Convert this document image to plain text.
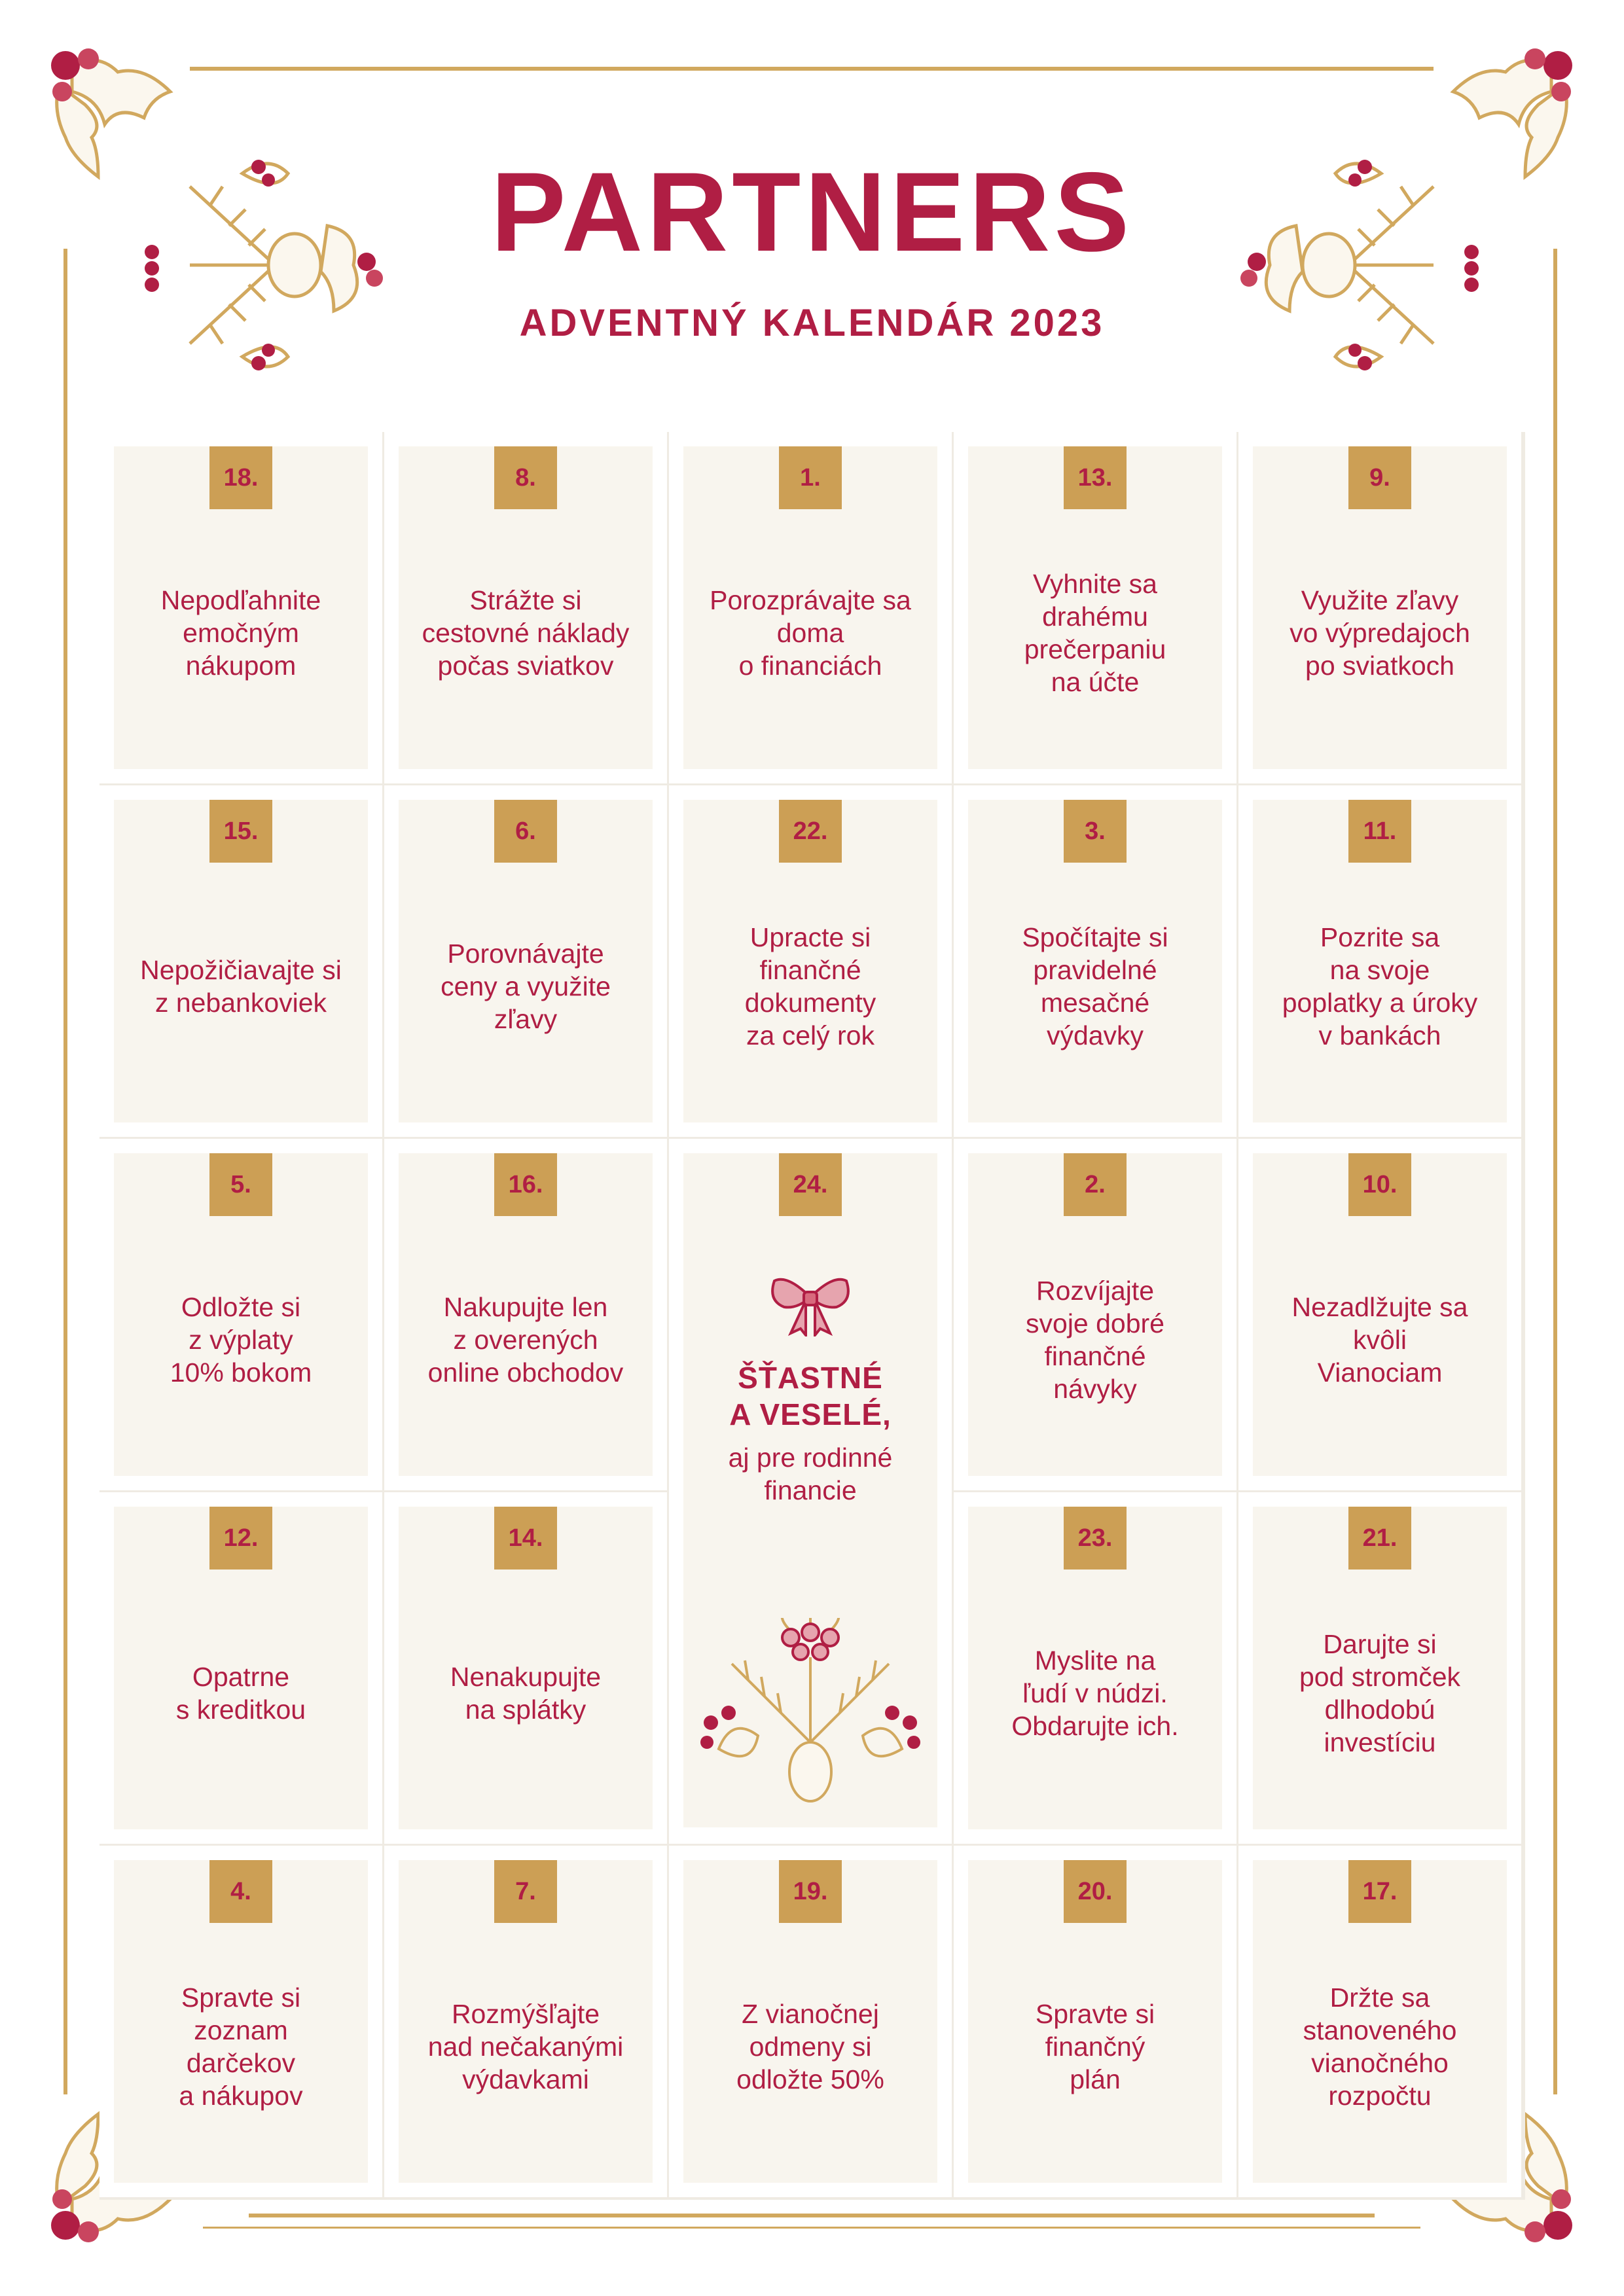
PARTNERS
ADVENTNÝ KALENDÁR 2023
18.
Nepodľahnite
emočným
nákupom
8.
Strážte si
cestovné náklady
počas sviatkov
1.
Porozprávajte sa
doma
o financiách
13.
Vyhnite sa
drahému
prečerpaniu
na účte
9.
Využite zľavy
vo výpredajoch
po sviatkoch
15.
Nepožičiavajte si
z nebankoviek
6.
Porovnávajte
ceny a využite
zľavy
22.
Upracte si
finančné
dokumenty
za celý rok
3.
Spočítajte si
pravidelné
mesačné
výdavky
11.
Pozrite sa
na svoje
poplatky a úroky
v bankách
5.
Odložte si
z výplaty
10% bokom
16.
Nakupujte len
z overených
online obchodov
2.
Rozvíjajte
svoje dobré
finančné
návyky
10.
Nezadlžujte sa
kvôli
Vianociam
12.
Opatrne
s kreditkou
14.
Nenakupujte
na splátky
23.
Myslite na
ľudí v núdzi.
Obdarujte ich.
21.
Darujte si
pod stromček
dlhodobú
investíciu
4.
Spravte si
zoznam
darčekov
a nákupov
7.
Rozmýšľajte
nad nečakanými
výdavkami
19.
Z vianočnej
odmeny si
odložte 50%
20.
Spravte si
finančný
plán
17.
Držte sa
stanoveného
vianočného
rozpočtu
24.
ŠŤASTNÉ
A VESELÉ,
aj pre rodinné
financie
